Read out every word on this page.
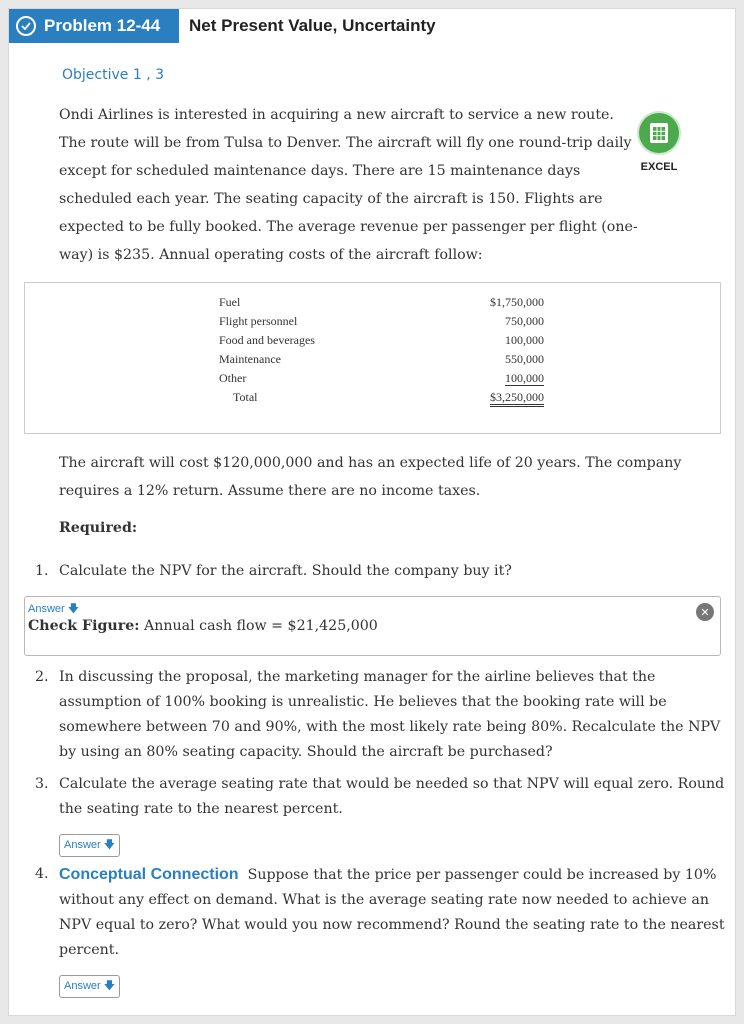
Problem 12-44 Net Present Value, Uncertainty
Objective 1 , 3
Ondi Airlines is interested in acquiring a new aircraft to service a new route. The route will be from Tulsa to Denver. The aircraft will fly one round-trip daily except for scheduled maintenance days. There are 15 maintenance days scheduled each year. The seating capacity of the aircraft is 150. Flights are expected to be fully booked. The average revenue per passenger per flight (one-way) is $235. Annual operating costs of the aircraft follow:
EXCEL
Fuel	$1,750,000
Flight personnel	750,000
Food and beverages	100,000
Maintenance	550,000
Other	100,000
Total	$3,250,000
The aircraft will cost $120,000,000 and has an expected life of 20 years. The company requires a 12% return. Assume there are no income taxes.
Required:
1. Calculate the NPV for the aircraft. Should the company buy it?
Answer 🡇
Check Figure: Annual cash flow = $21,425,000
✕
2. In discussing the proposal, the marketing manager for the airline believes that the assumption of 100% booking is unrealistic. He believes that the booking rate will be somewhere between 70 and 90%, with the most likely rate being 80%. Recalculate the NPV by using an 80% seating capacity. Should the aircraft be purchased?
3. Calculate the average seating rate that would be needed so that NPV will equal zero. Round the seating rate to the nearest percent.
Answer 🡇
4. Conceptual Connection Suppose that the price per passenger could be increased by 10% without any effect on demand. What is the average seating rate now needed to achieve an NPV equal to zero? What would you now recommend? Round the seating rate to the nearest percent.
Answer 🡇
